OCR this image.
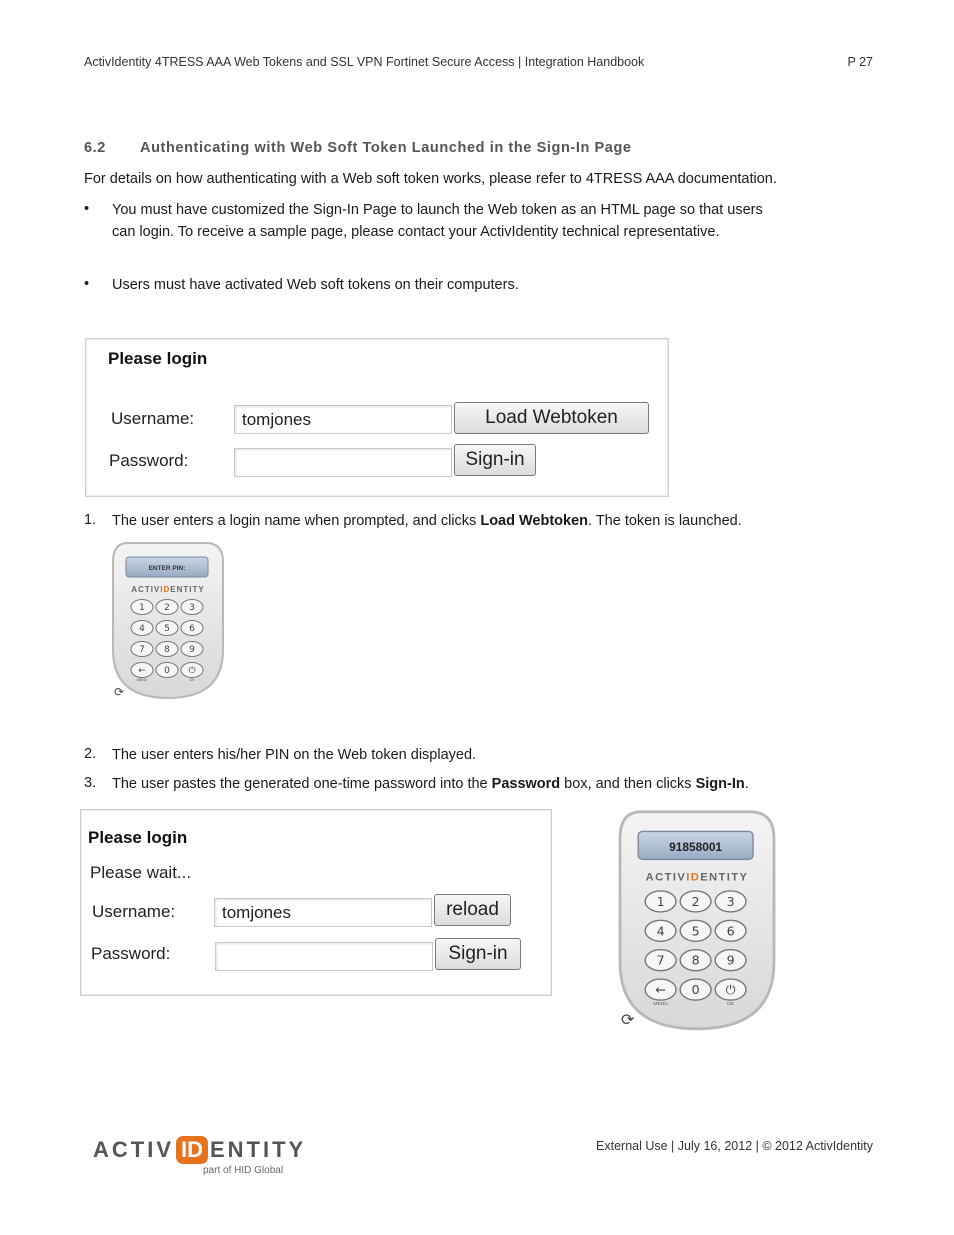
ActivIdentity 4TRESS AAA Web Tokens and SSL VPN Fortinet Secure Access | Integration Handbook	P 27
6.2 Authenticating with Web Soft Token Launched in the Sign-In Page
For details on how authenticating with a Web soft token works, please refer to 4TRESS AAA documentation.
• You must have customized the Sign-In Page to launch the Web token as an HTML page so that users can login. To receive a sample page, please contact your ActivIdentity technical representative.
• Users must have activated Web soft tokens on their computers.
Please login
Username:	tomjones	Load Webtoken
Password:	Sign-in
1. The user enters a login name when prompted, and clicks Load Webtoken. The token is launched.
ENTER PIN:
ACTIVIDENTITY
1 2 3
4 5 6
7 8 9
← 0 ⏻
MENU	OK
⟳
2. The user enters his/her PIN on the Web token displayed.
3. The user pastes the generated one-time password into the Password box, and then clicks Sign-In.
Please login
Please wait...
Username:	tomjones	reload
Password:	Sign-in
91858001
ACTIVIDENTITY
1	2	3
4	5	6
7	8	9
←	0	⏻
MENU	OK
⟳
ACTIV ID ENTITY
part of HID Global
External Use | July 16, 2012 | © 2012 ActivIdentity
